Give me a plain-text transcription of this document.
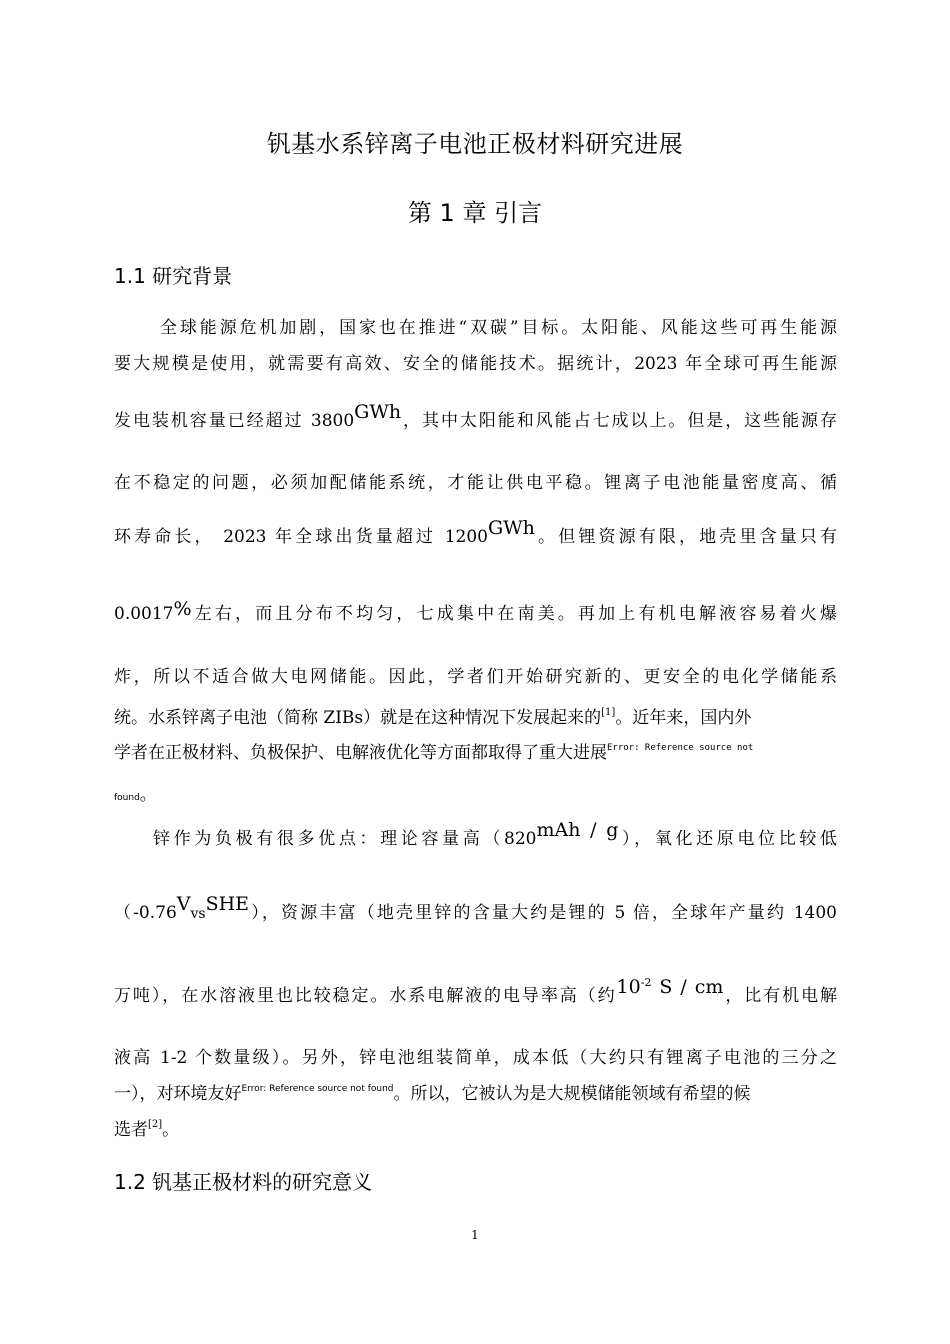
钒基水系锌离子电池正极材料研究进展
第 1 章 引言
1.1 研究背景
全球能源危机加剧，国家也在推进“双碳”目标。太阳能、风能这些可再生能源
要大规模是使用，就需要有高效、安全的储能技术。据统计，2023 年全球可再生能源
发电装机容量已经超过 3800GWh，其中太阳能和风能占七成以上。但是，这些能源存
在不稳定的问题，必须加配储能系统，才能让供电平稳。锂离子电池能量密度高、循
环寿命长， 2023 年全球出货量超过 1200GWh。但锂资源有限，地壳里含量只有
0.0017%左右，而且分布不均匀，七成集中在南美。再加上有机电解液容易着火爆
炸，所以不适合做大电网储能。因此，学者们开始研究新的、更安全的电化学储能系
统。水系锌离子电池（简称 ZIBs）就是在这种情况下发展起来的[1]。近年来，国内外
学者在正极材料、负极保护、电解液优化等方面都取得了重大进展$^{Error: Reference source not}$
found。
锌作为负极有很多优点：理论容量高（820mAh / g），氧化还原电位比较低
（-0.76VvsSHE），资源丰富（地壳里锌的含量大约是锂的 5 倍，全球年产量约 1400
万吨），在水溶液里也比较稳定。水系电解液的电导率高（约$10^{-2}$ S / cm，比有机电解
液高 1-2 个数量级）。另外，锌电池组装简单，成本低（大约只有锂离子电池的三分之
一），对环境友好$^{Error: Reference source not found}$。所以，它被认为是大规模储能领域有希望的候
选者[2]。
1.2 钒基正极材料的研究意义
1
